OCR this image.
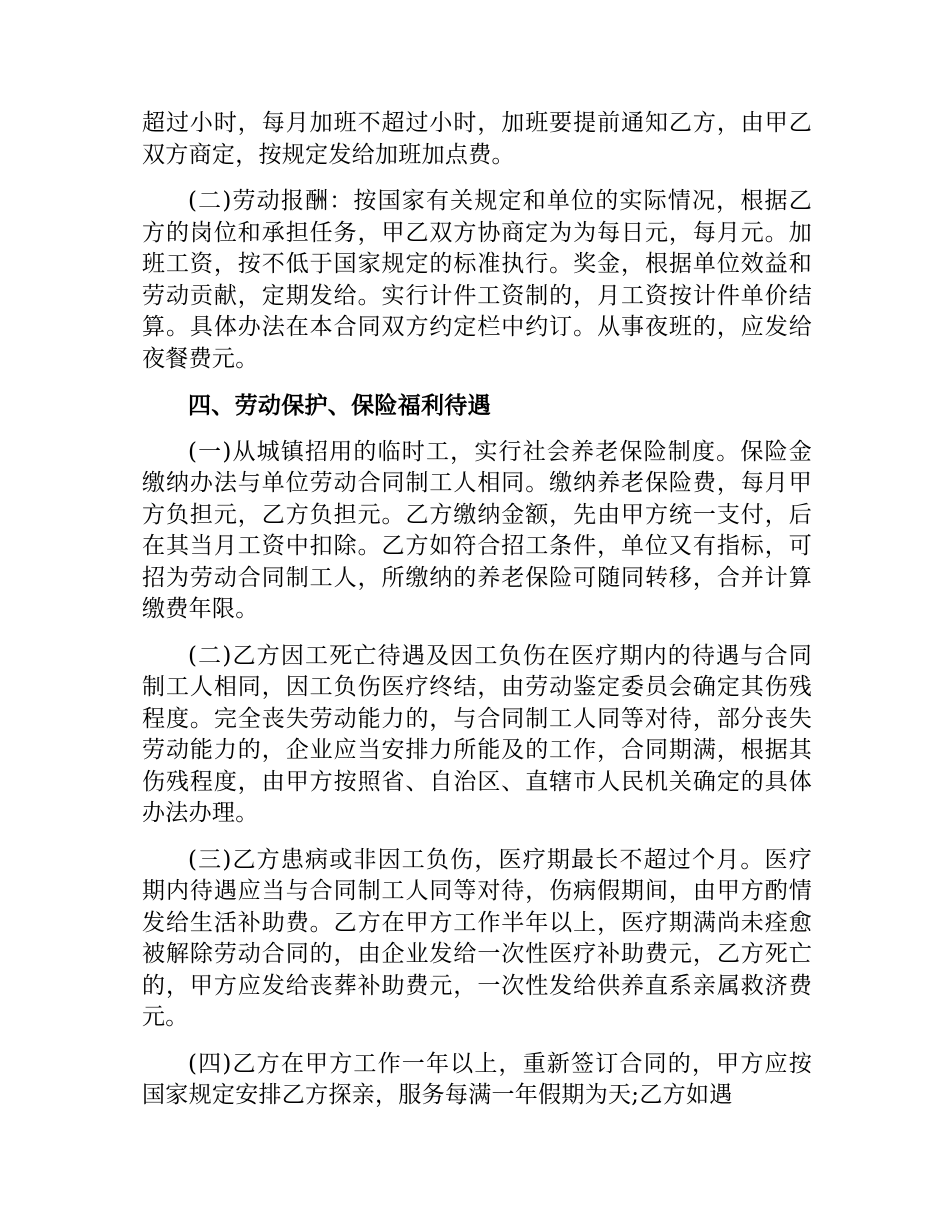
超过小时，每月加班不超过小时，加班要提前通知乙方，由甲乙双方商定，按规定发给加班加点费。

(二)劳动报酬：按国家有关规定和单位的实际情况，根据乙方的岗位和承担任务，甲乙双方协商定为为每日元，每月元。加班工资，按不低于国家规定的标准执行。奖金，根据单位效益和劳动贡献，定期发给。实行计件工资制的，月工资按计件单价结算。具体办法在本合同双方约定栏中约订。从事夜班的，应发给夜餐费元。

四、劳动保护、保险福利待遇

(一)从城镇招用的临时工，实行社会养老保险制度。保险金缴纳办法与单位劳动合同制工人相同。缴纳养老保险费，每月甲方负担元，乙方负担元。乙方缴纳金额，先由甲方统一支付，后在其当月工资中扣除。乙方如符合招工条件，单位又有指标，可招为劳动合同制工人，所缴纳的养老保险可随同转移，合并计算缴费年限。

(二)乙方因工死亡待遇及因工负伤在医疗期内的待遇与合同制工人相同，因工负伤医疗终结，由劳动鉴定委员会确定其伤残程度。完全丧失劳动能力的，与合同制工人同等对待，部分丧失劳动能力的，企业应当安排力所能及的工作，合同期满，根据其伤残程度，由甲方按照省、自治区、直辖市人民机关确定的具体办法办理。

(三)乙方患病或非因工负伤，医疗期最长不超过个月。医疗期内待遇应当与合同制工人同等对待，伤病假期间，由甲方酌情发给生活补助费。乙方在甲方工作半年以上，医疗期满尚未痊愈被解除劳动合同的，由企业发给一次性医疗补助费元，乙方死亡的，甲方应发给丧葬补助费元，一次性发给供养直系亲属救济费元。

(四)乙方在甲方工作一年以上，重新签订合同的，甲方应按国家规定安排乙方探亲，服务每满一年假期为天;乙方如遇
